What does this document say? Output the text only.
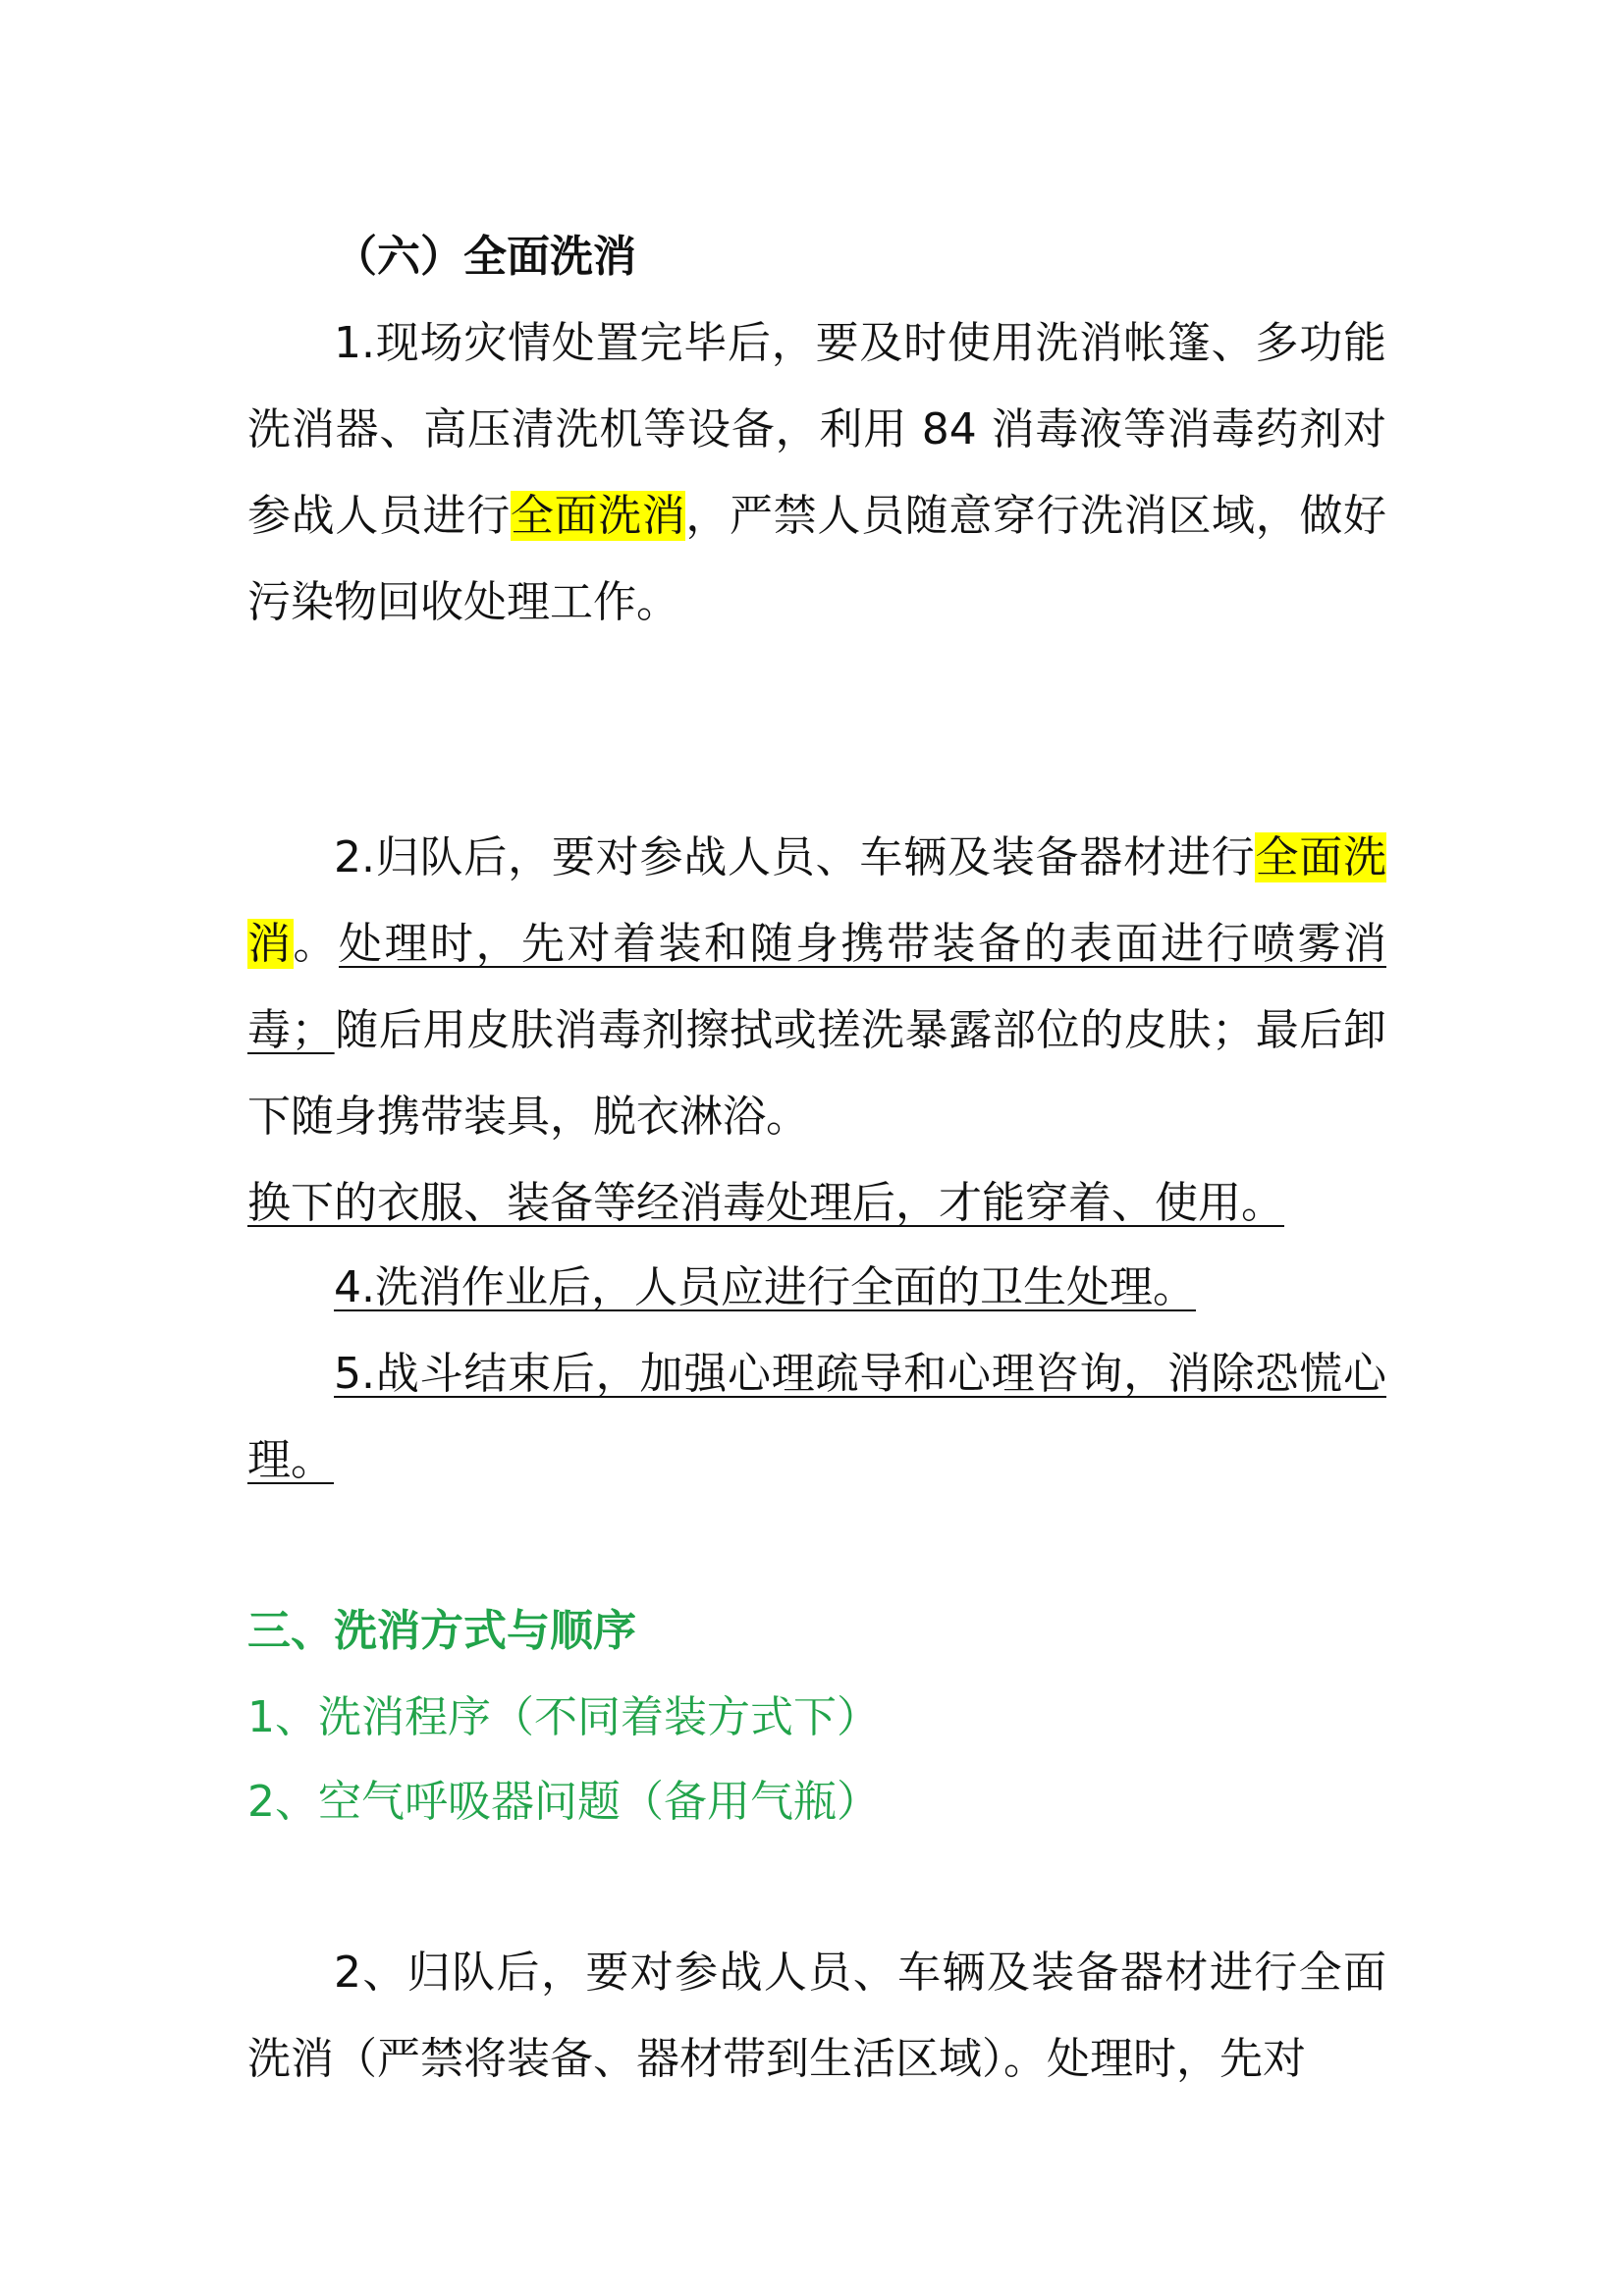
（六）全面洗消

1.现场灾情处置完毕后，要及时使用洗消帐篷、多功能洗消器、高压清洗机等设备，利用 84 消毒液等消毒药剂对参战人员进行全面洗消，严禁人员随意穿行洗消区域，做好污染物回收处理工作。

2.归队后，要对参战人员、车辆及装备器材进行全面洗消。处理时，先对着装和随身携带装备的表面进行喷雾消毒；随后用皮肤消毒剂擦拭或搓洗暴露部位的皮肤；最后卸下随身携带装具，脱衣淋浴。

换下的衣服、装备等经消毒处理后，才能穿着、使用。

4.洗消作业后，人员应进行全面的卫生处理。

5.战斗结束后，加强心理疏导和心理咨询，消除恐慌心理。

三、洗消方式与顺序

1、洗消程序（不同着装方式下）

2、空气呼吸器问题（备用气瓶）

2、归队后，要对参战人员、车辆及装备器材进行全面洗消（严禁将装备、器材带到生活区域）。处理时，先对
